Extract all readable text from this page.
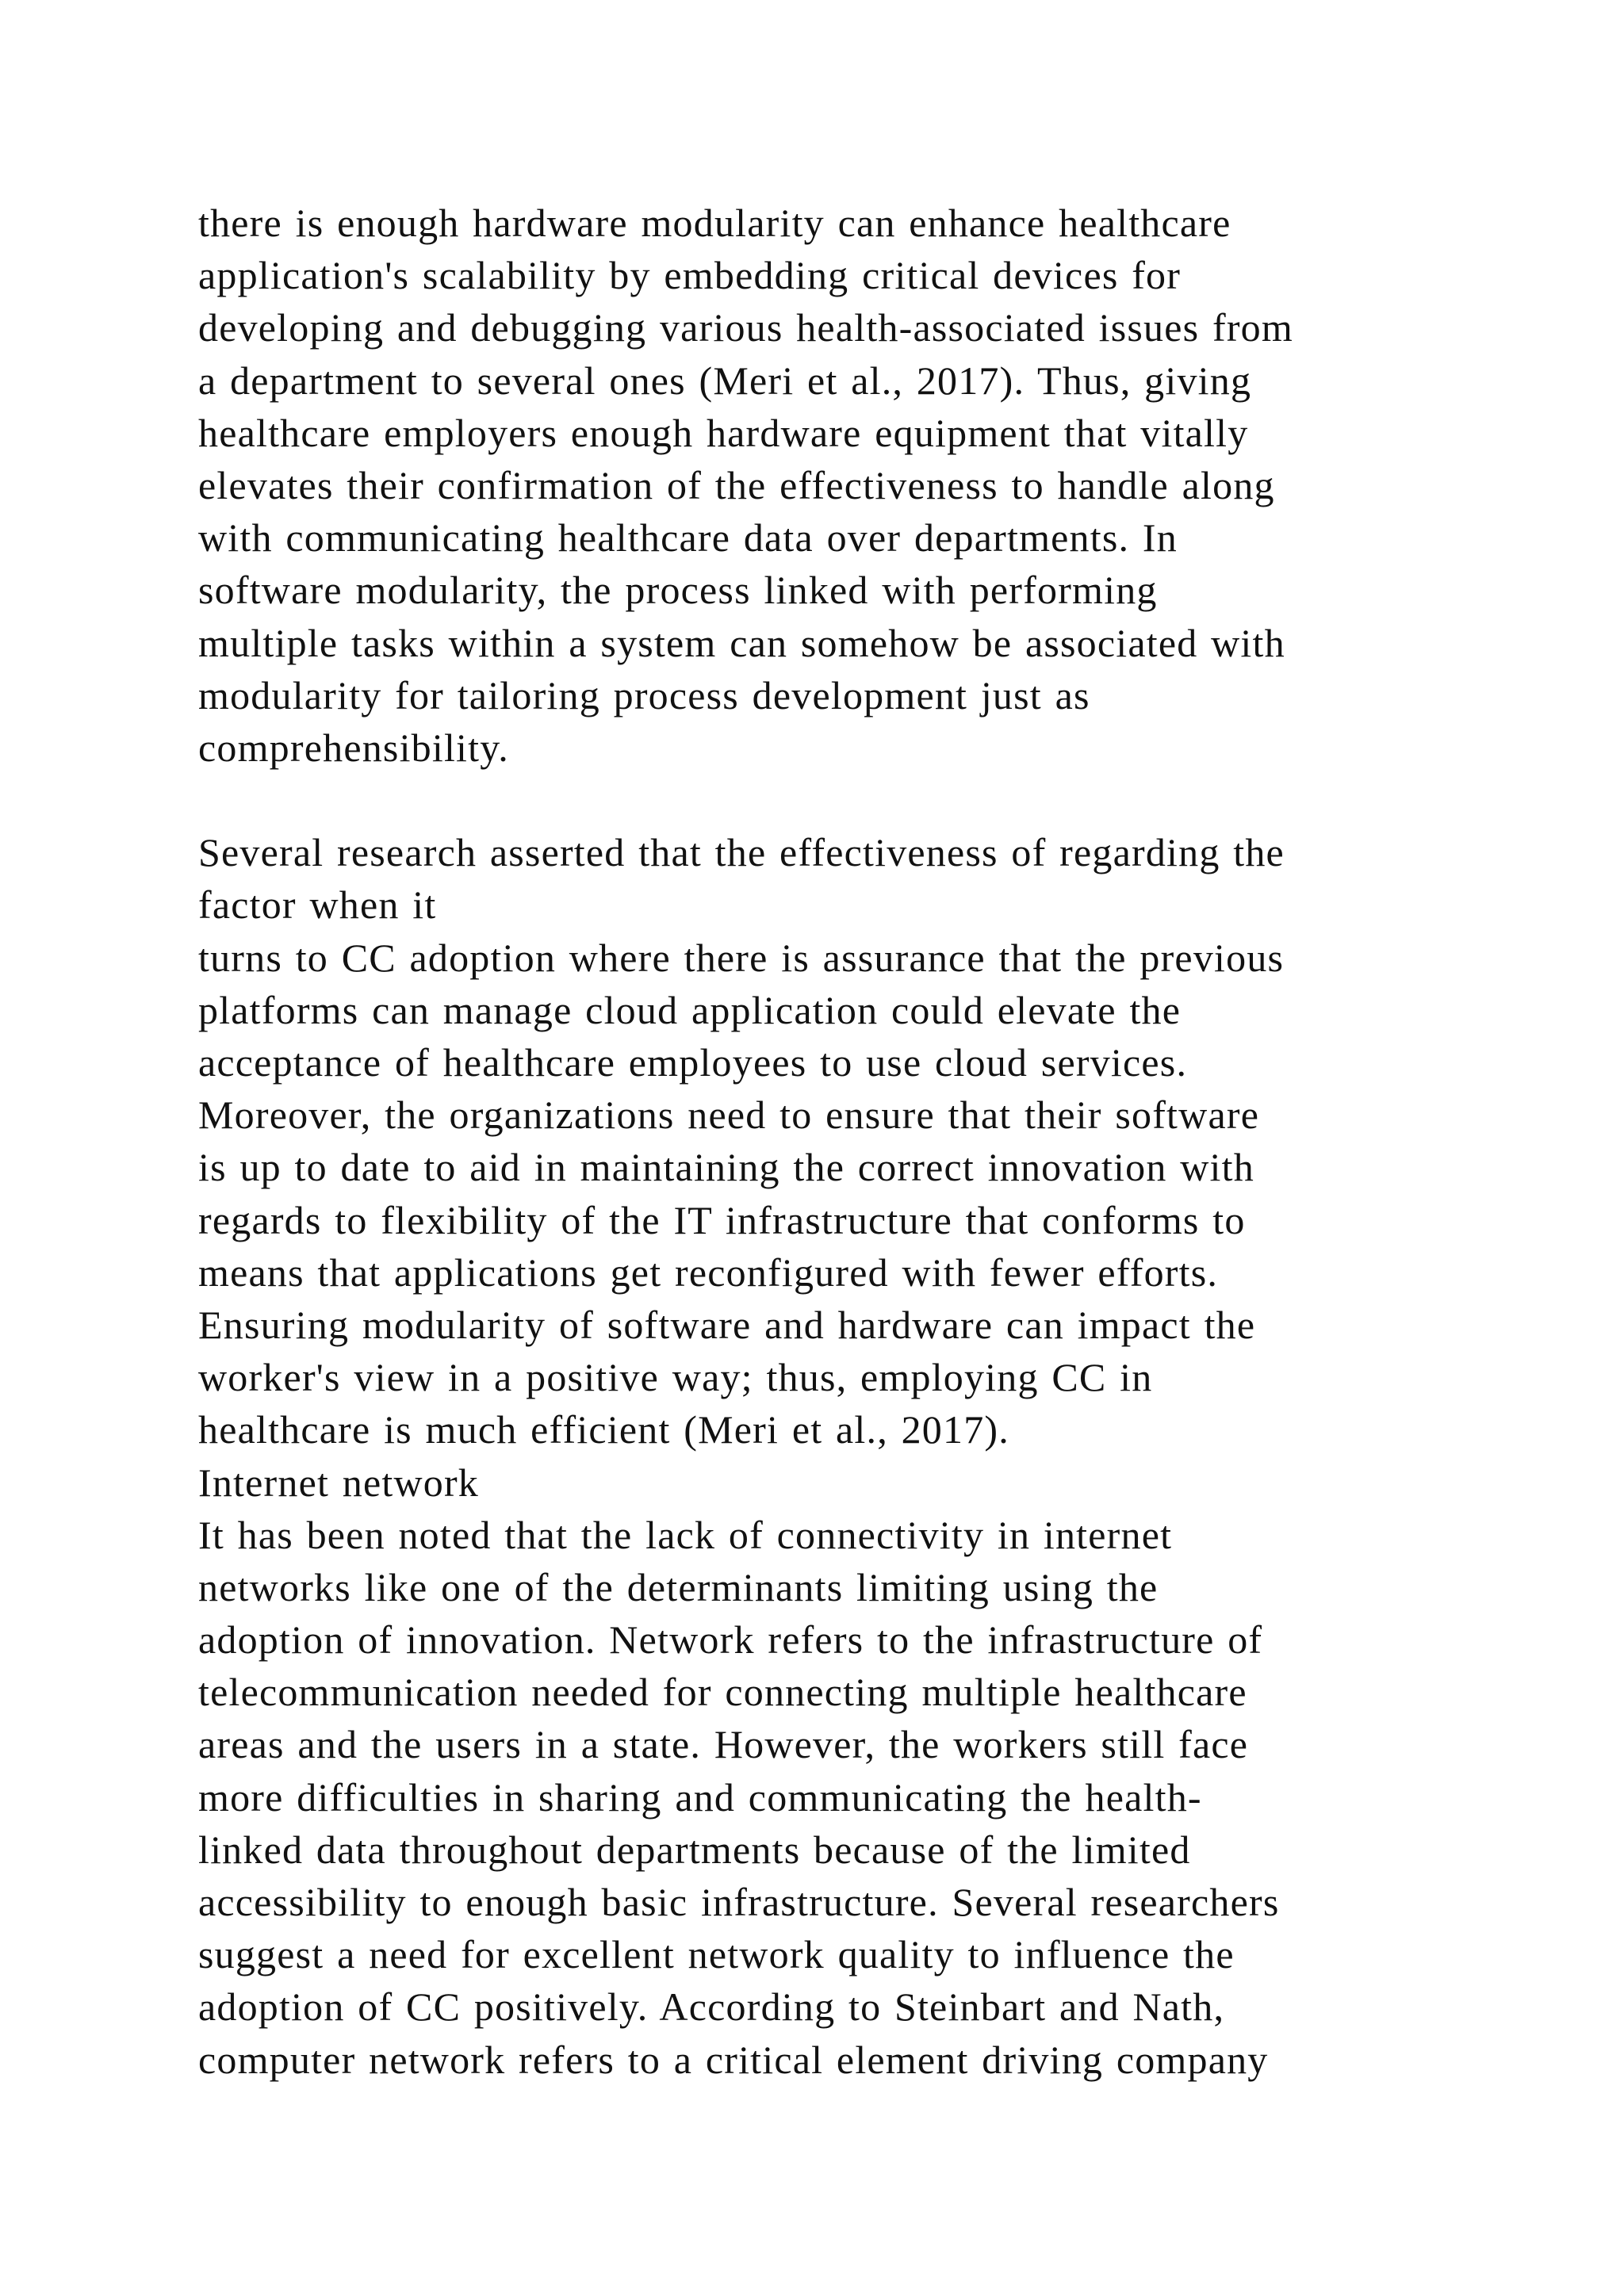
there is enough hardware modularity can enhance healthcare
application's scalability by embedding critical devices for
developing and debugging various health-associated issues from
a department to several ones (Meri et al., 2017). Thus, giving
healthcare employers enough hardware equipment that vitally
elevates their confirmation of the effectiveness to handle along
with communicating healthcare data over departments. In
software modularity, the process linked with performing
multiple tasks within a system can somehow be associated with
modularity for tailoring process development just as
comprehensibility.
Several research asserted that the effectiveness of regarding the
factor when it
turns to CC adoption where there is assurance that the previous
platforms can manage cloud application could elevate the
acceptance of healthcare employees to use cloud services.
Moreover, the organizations need to ensure that their software
is up to date to aid in maintaining the correct innovation with
regards to flexibility of the IT infrastructure that conforms to
means that applications get reconfigured with fewer efforts.
Ensuring modularity of software and hardware can impact the
worker's view in a positive way; thus, employing CC in
healthcare is much efficient (Meri et al., 2017).
Internet network
It has been noted that the lack of connectivity in internet
networks like one of the determinants limiting using the
adoption of innovation. Network refers to the infrastructure of
telecommunication needed for connecting multiple healthcare
areas and the users in a state. However, the workers still face
more difficulties in sharing and communicating the health-
linked data throughout departments because of the limited
accessibility to enough basic infrastructure. Several researchers
suggest a need for excellent network quality to influence the
adoption of CC positively. According to Steinbart and Nath,
computer network refers to a critical element driving company
